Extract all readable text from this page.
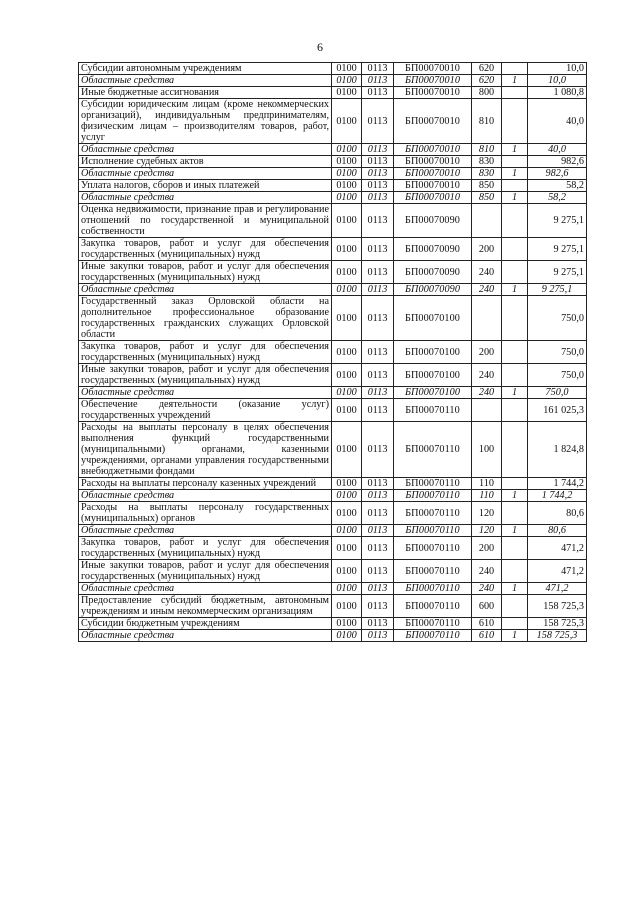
6
Субсидии автономным учреждениям	0100	0113	БП00070010	620		10,0
Областные средства	0100	0113	БП00070010	620	1	10,0
Иные бюджетные ассигнования	0100	0113	БП00070010	800		1 080,8
Субсидии юридическим лицам (кроме некоммерческих организаций), индивидуальным предпринимателям, физическим лицам – производителям товаров, работ, услуг	0100	0113	БП00070010	810		40,0
Областные средства	0100	0113	БП00070010	810	1	40,0
Исполнение судебных актов	0100	0113	БП00070010	830		982,6
Областные средства	0100	0113	БП00070010	830	1	982,6
Уплата налогов, сборов и иных платежей	0100	0113	БП00070010	850		58,2
Областные средства	0100	0113	БП00070010	850	1	58,2
Оценка недвижимости, признание прав и регулирование отношений по государственной и муниципальной собственности	0100	0113	БП00070090			9 275,1
Закупка товаров, работ и услуг для обеспечения государственных (муниципальных) нужд	0100	0113	БП00070090	200		9 275,1
Иные закупки товаров, работ и услуг для обеспечения государственных (муниципальных) нужд	0100	0113	БП00070090	240		9 275,1
Областные средства	0100	0113	БП00070090	240	1	9 275,1
Государственный заказ Орловской области на дополнительное профессиональное образование государственных гражданских служащих Орловской области	0100	0113	БП00070100			750,0
Закупка товаров, работ и услуг для обеспечения государственных (муниципальных) нужд	0100	0113	БП00070100	200		750,0
Иные закупки товаров, работ и услуг для обеспечения государственных (муниципальных) нужд	0100	0113	БП00070100	240		750,0
Областные средства	0100	0113	БП00070100	240	1	750,0
Обеспечение деятельности (оказание услуг) государственных учреждений	0100	0113	БП00070110			161 025,3
Расходы на выплаты персоналу в целях обеспечения выполнения функций государственными (муниципальными) органами, казенными учреждениями, органами управления государственными внебюджетными фондами	0100	0113	БП00070110	100		1 824,8
Расходы на выплаты персоналу казенных учреждений	0100	0113	БП00070110	110		1 744,2
Областные средства	0100	0113	БП00070110	110	1	1 744,2
Расходы на выплаты персоналу государственных (муниципальных) органов	0100	0113	БП00070110	120		80,6
Областные средства	0100	0113	БП00070110	120	1	80,6
Закупка товаров, работ и услуг для обеспечения государственных (муниципальных) нужд	0100	0113	БП00070110	200		471,2
Иные закупки товаров, работ и услуг для обеспечения государственных (муниципальных) нужд	0100	0113	БП00070110	240		471,2
Областные средства	0100	0113	БП00070110	240	1	471,2
Предоставление субсидий бюджетным, автономным учреждениям и иным некоммерческим организациям	0100	0113	БП00070110	600		158 725,3
Субсидии бюджетным учреждениям	0100	0113	БП00070110	610		158 725,3
Областные средства	0100	0113	БП00070110	610	1	158 725,3
